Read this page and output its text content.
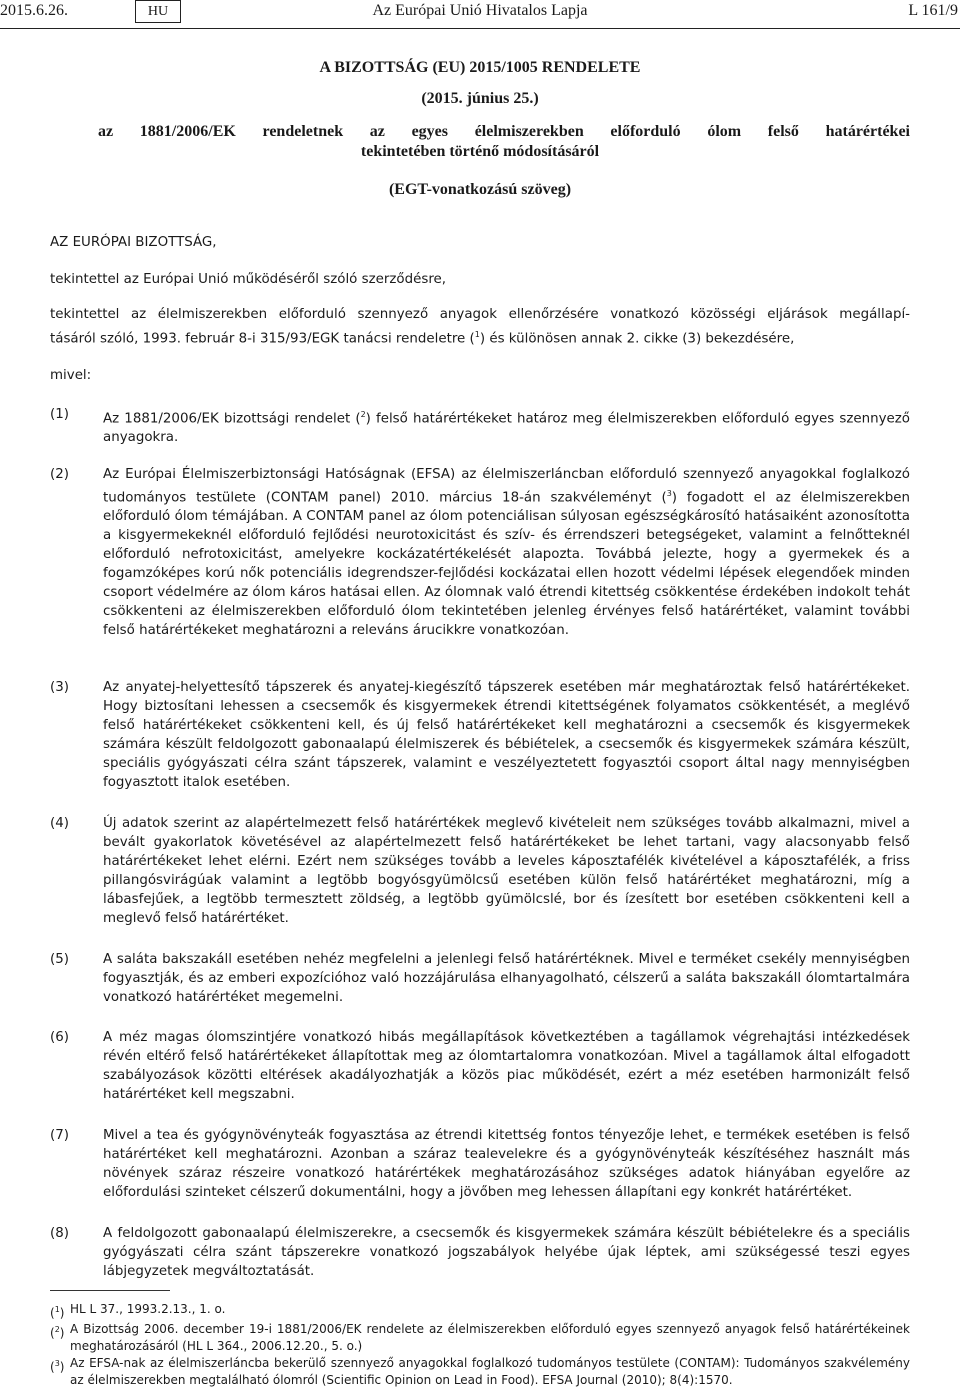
2015.6.26.	HU	Az Európai Unió Hivatalos Lapja	L 161/9
A BIZOTTSÁG (EU) 2015/1005 RENDELETE
(2015. június 25.)
az 1881/2006/EK rendeletnek az egyes élelmiszerekben előforduló ólom felső határértékei
tekintetében történő módosításáról
(EGT-vonatkozású szöveg)
AZ EURÓPAI BIZOTTSÁG,
tekintettel az Európai Unió működéséről szóló szerződésre,
tekintettel az élelmiszerekben előforduló szennyező anyagok ellenőrzésére vonatkozó közösségi eljárások megállapí-
tásáról szóló, 1993. február 8-i 315/93/EGK tanácsi rendeletre ($^1$) és különösen annak 2. cikke (3) bekezdésére,
mivel:
(1)	Az 1881/2006/EK bizottsági rendelet ($^2$) felső határértékeket határoz meg élelmiszerekben előforduló egyes szennyező anyagokra.
(2)	Az Európai Élelmiszerbiztonsági Hatóságnak (EFSA) az élelmiszerláncban előforduló szennyező anyagokkal foglalkozó tudományos testülete (CONTAM panel) 2010. március 18-án szakvéleményt ($^3$) fogadott el az élelmiszerekben előforduló ólom témájában. A CONTAM panel az ólom potenciálisan súlyosan egészségkárosító hatásaiként azonosította a kisgyermekeknél előforduló fejlődési neurotoxicitást és szív- és érrendszeri betegségeket, valamint a felnőtteknél előforduló nefrotoxicitást, amelyekre kockázatértékelését alapozta. Továbbá jelezte, hogy a gyermekek és a fogamzóképes korú nők potenciális idegrendszer-fejlődési kockázatai ellen hozott védelmi lépések elegendőek minden csoport védelmére az ólom káros hatásai ellen. Az ólomnak való étrendi kitettség csökkentése érdekében indokolt tehát csökkenteni az élelmiszerekben előforduló ólom tekintetében jelenleg érvényes felső határértéket, valamint további felső határértékeket meghatározni a releváns árucikkre vonatkozóan.
(3)	Az anyatej-helyettesítő tápszerek és anyatej-kiegészítő tápszerek esetében már meghatároztak felső határértékeket. Hogy biztosítani lehessen a csecsemők és kisgyermekek étrendi kitettségének folyamatos csökkentését, a meglévő felső határértékeket csökkenteni kell, és új felső határértékeket kell meghatározni a csecsemők és kisgyermekek számára készült feldolgozott gabonaalapú élelmiszerek és bébiételek, a csecsemők és kisgyermekek számára készült, speciális gyógyászati célra szánt tápszerek, valamint e veszélyeztetett fogyasztói csoport által nagy mennyiségben fogyasztott italok esetében.
(4)	Új adatok szerint az alapértelmezett felső határértékek meglevő kivételeit nem szükséges tovább alkalmazni, mivel a bevált gyakorlatok követésével az alapértelmezett felső határértékeket be lehet tartani, vagy alacsonyabb felső határértékeket lehet elérni. Ezért nem szükséges tovább a leveles káposztafélék kivételével a káposztafélék, a friss pillangósvirágúak valamint a legtöbb bogyósgyümölcsű esetében külön felső határértéket meghatározni, míg a lábasfejűek, a legtöbb termesztett zöldség, a legtöbb gyümölcslé, bor és ízesített bor esetében csökkenteni kell a meglevő felső határértéket.
(5)	A saláta bakszakáll esetében nehéz megfelelni a jelenlegi felső határértéknek. Mivel e terméket csekély mennyiségben fogyasztják, és az emberi expozícióhoz való hozzájárulása elhanyagolható, célszerű a saláta bakszakáll ólomtartalmára vonatkozó határértéket megemelni.
(6)	A méz magas ólomszintjére vonatkozó hibás megállapítások következtében a tagállamok végrehajtási intézkedések révén eltérő felső határértékeket állapítottak meg az ólomtartalomra vonatkozóan. Mivel a tagállamok által elfogadott szabályozások közötti eltérések akadályozhatják a közös piac működését, ezért a méz esetében harmonizált felső határértéket kell megszabni.
(7)	Mivel a tea és gyógynövényteák fogyasztása az étrendi kitettség fontos tényezője lehet, e termékek esetében is felső határértéket kell meghatározni. Azonban a száraz tealevelekre és a gyógynövényteák készítéséhez használt más növények száraz részeire vonatkozó határértékek meghatározásához szükséges adatok hiányában egyelőre az előfordulási szinteket célszerű dokumentálni, hogy a jövőben meg lehessen állapítani egy konkrét határértéket.
(8)	A feldolgozott gabonaalapú élelmiszerekre, a csecsemők és kisgyermekek számára készült bébiételekre és a speciális gyógyászati célra szánt tápszerekre vonatkozó jogszabályok helyébe újak léptek, ami szükségessé teszi egyes lábjegyzetek megváltoztatását.
($^1$) HL L 37., 1993.2.13., 1. o.
($^2$) A Bizottság 2006. december 19-i 1881/2006/EK rendelete az élelmiszerekben előforduló egyes szennyező anyagok felső határértékeinek meghatározásáról (HL L 364., 2006.12.20., 5. o.)
($^3$) Az EFSA-nak az élelmiszerláncba bekerülő szennyező anyagokkal foglalkozó tudományos testülete (CONTAM): Tudományos szakvélemény az élelmiszerekben megtalálható ólomról (Scientific Opinion on Lead in Food). EFSA Journal (2010); 8(4):1570.
